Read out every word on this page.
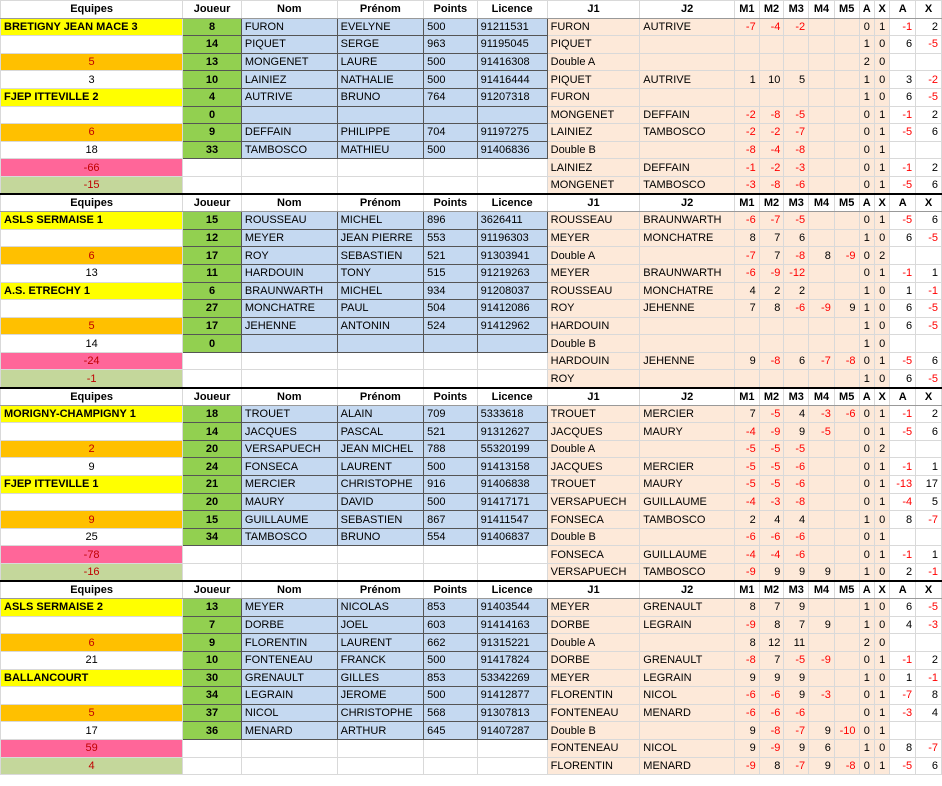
Equipes	Joueur	Nom	Prénom	Points	Licence	J1	J2	M1	M2	M3	M4	M5	A	X	A	X
BRETIGNY JEAN MACE 3	8	FURON	EVELYNE	500	91211531	FURON	AUTRIVE	-7	-4	-2			0	1	-1	2
	14	PIQUET	SERGE	963	91195045	PIQUET							1	0	6	-5
5	13	MONGENET	LAURE	500	91416308	Double A							2	0		
3	10	LAINIEZ	NATHALIE	500	91416444	PIQUET	AUTRIVE	1	10	5			1	0	3	-2
FJEP ITTEVILLE 2	4	AUTRIVE	BRUNO	764	91207318	FURON							1	0	6	-5
	0					MONGENET	DEFFAIN	-2	-8	-5			0	1	-1	2
6	9	DEFFAIN	PHILIPPE	704	91197275	LAINIEZ	TAMBOSCO	-2	-2	-7			0	1	-5	6
18	33	TAMBOSCO	MATHIEU	500	91406836	Double B		-8	-4	-8			0	1		
-66						LAINIEZ	DEFFAIN	-1	-2	-3			0	1	-1	2
-15						MONGENET	TAMBOSCO	-3	-8	-6			0	1	-5	6
Equipes	Joueur	Nom	Prénom	Points	Licence	J1	J2	M1	M2	M3	M4	M5	A	X	A	X
ASLS SERMAISE 1	15	ROUSSEAU	MICHEL	896	3626411	ROUSSEAU	BRAUNWARTH	-6	-7	-5			0	1	-5	6
	12	MEYER	JEAN PIERRE	553	91196303	MEYER	MONCHATRE	8	7	6			1	0	6	-5
6	17	ROY	SEBASTIEN	521	91303941	Double A		-7	7	-8	8	-9	0	2		
13	11	HARDOUIN	TONY	515	91219263	MEYER	BRAUNWARTH	-6	-9	-12			0	1	-1	1
A.S. ETRECHY 1	6	BRAUNWARTH	MICHEL	934	91208037	ROUSSEAU	MONCHATRE	4	2	2			1	0	1	-1
	27	MONCHATRE	PAUL	504	91412086	ROY	JEHENNE	7	8	-6	-9	9	1	0	6	-5
5	17	JEHENNE	ANTONIN	524	91412962	HARDOUIN							1	0	6	-5
14	0					Double B							1	0		
-24						HARDOUIN	JEHENNE	9	-8	6	-7	-8	0	1	-5	6
-1						ROY							1	0	6	-5
Equipes	Joueur	Nom	Prénom	Points	Licence	J1	J2	M1	M2	M3	M4	M5	A	X	A	X
MORIGNY-CHAMPIGNY 1	18	TROUET	ALAIN	709	5333618	TROUET	MERCIER	7	-5	4	-3	-6	0	1	-1	2
	14	JACQUES	PASCAL	521	91312627	JACQUES	MAURY	-4	-9	9	-5		0	1	-5	6
2	20	VERSAPUECH	JEAN MICHEL	788	55320199	Double A		-5	-5	-5			0	2		
9	24	FONSECA	LAURENT	500	91413158	JACQUES	MERCIER	-5	-5	-6			0	1	-1	1
FJEP ITTEVILLE 1	21	MERCIER	CHRISTOPHE	916	91406838	TROUET	MAURY	-5	-5	-6			0	1	-13	17
	20	MAURY	DAVID	500	91417171	VERSAPUECH	GUILLAUME	-4	-3	-8			0	1	-4	5
9	15	GUILLAUME	SEBASTIEN	867	91411547	FONSECA	TAMBOSCO	2	4	4			1	0	8	-7
25	34	TAMBOSCO	BRUNO	554	91406837	Double B		-6	-6	-6			0	1		
-78						FONSECA	GUILLAUME	-4	-4	-6			0	1	-1	1
-16						VERSAPUECH	TAMBOSCO	-9	9	9	9		1	0	2	-1
Equipes	Joueur	Nom	Prénom	Points	Licence	J1	J2	M1	M2	M3	M4	M5	A	X	A	X
ASLS SERMAISE 2	13	MEYER	NICOLAS	853	91403544	MEYER	GRENAULT	8	7	9			1	0	6	-5
	7	DORBE	JOEL	603	91414163	DORBE	LEGRAIN	-9	8	7	9		1	0	4	-3
6	9	FLORENTIN	LAURENT	662	91315221	Double A		8	12	11			2	0		
21	10	FONTENEAU	FRANCK	500	91417824	DORBE	GRENAULT	-8	7	-5	-9		0	1	-1	2
BALLANCOURT	30	GRENAULT	GILLES	853	53342269	MEYER	LEGRAIN	9	9	9			1	0	1	-1
	34	LEGRAIN	JEROME	500	91412877	FLORENTIN	NICOL	-6	-6	9	-3		0	1	-7	8
5	37	NICOL	CHRISTOPHE	568	91307813	FONTENEAU	MENARD	-6	-6	-6			0	1	-3	4
17	36	MENARD	ARTHUR	645	91407287	Double B		9	-8	-7	9	-10	0	1		
59						FONTENEAU	NICOL	9	-9	9	6		1	0	8	-7
4						FLORENTIN	MENARD	-9	8	-7	9	-8	0	1	-5	6
